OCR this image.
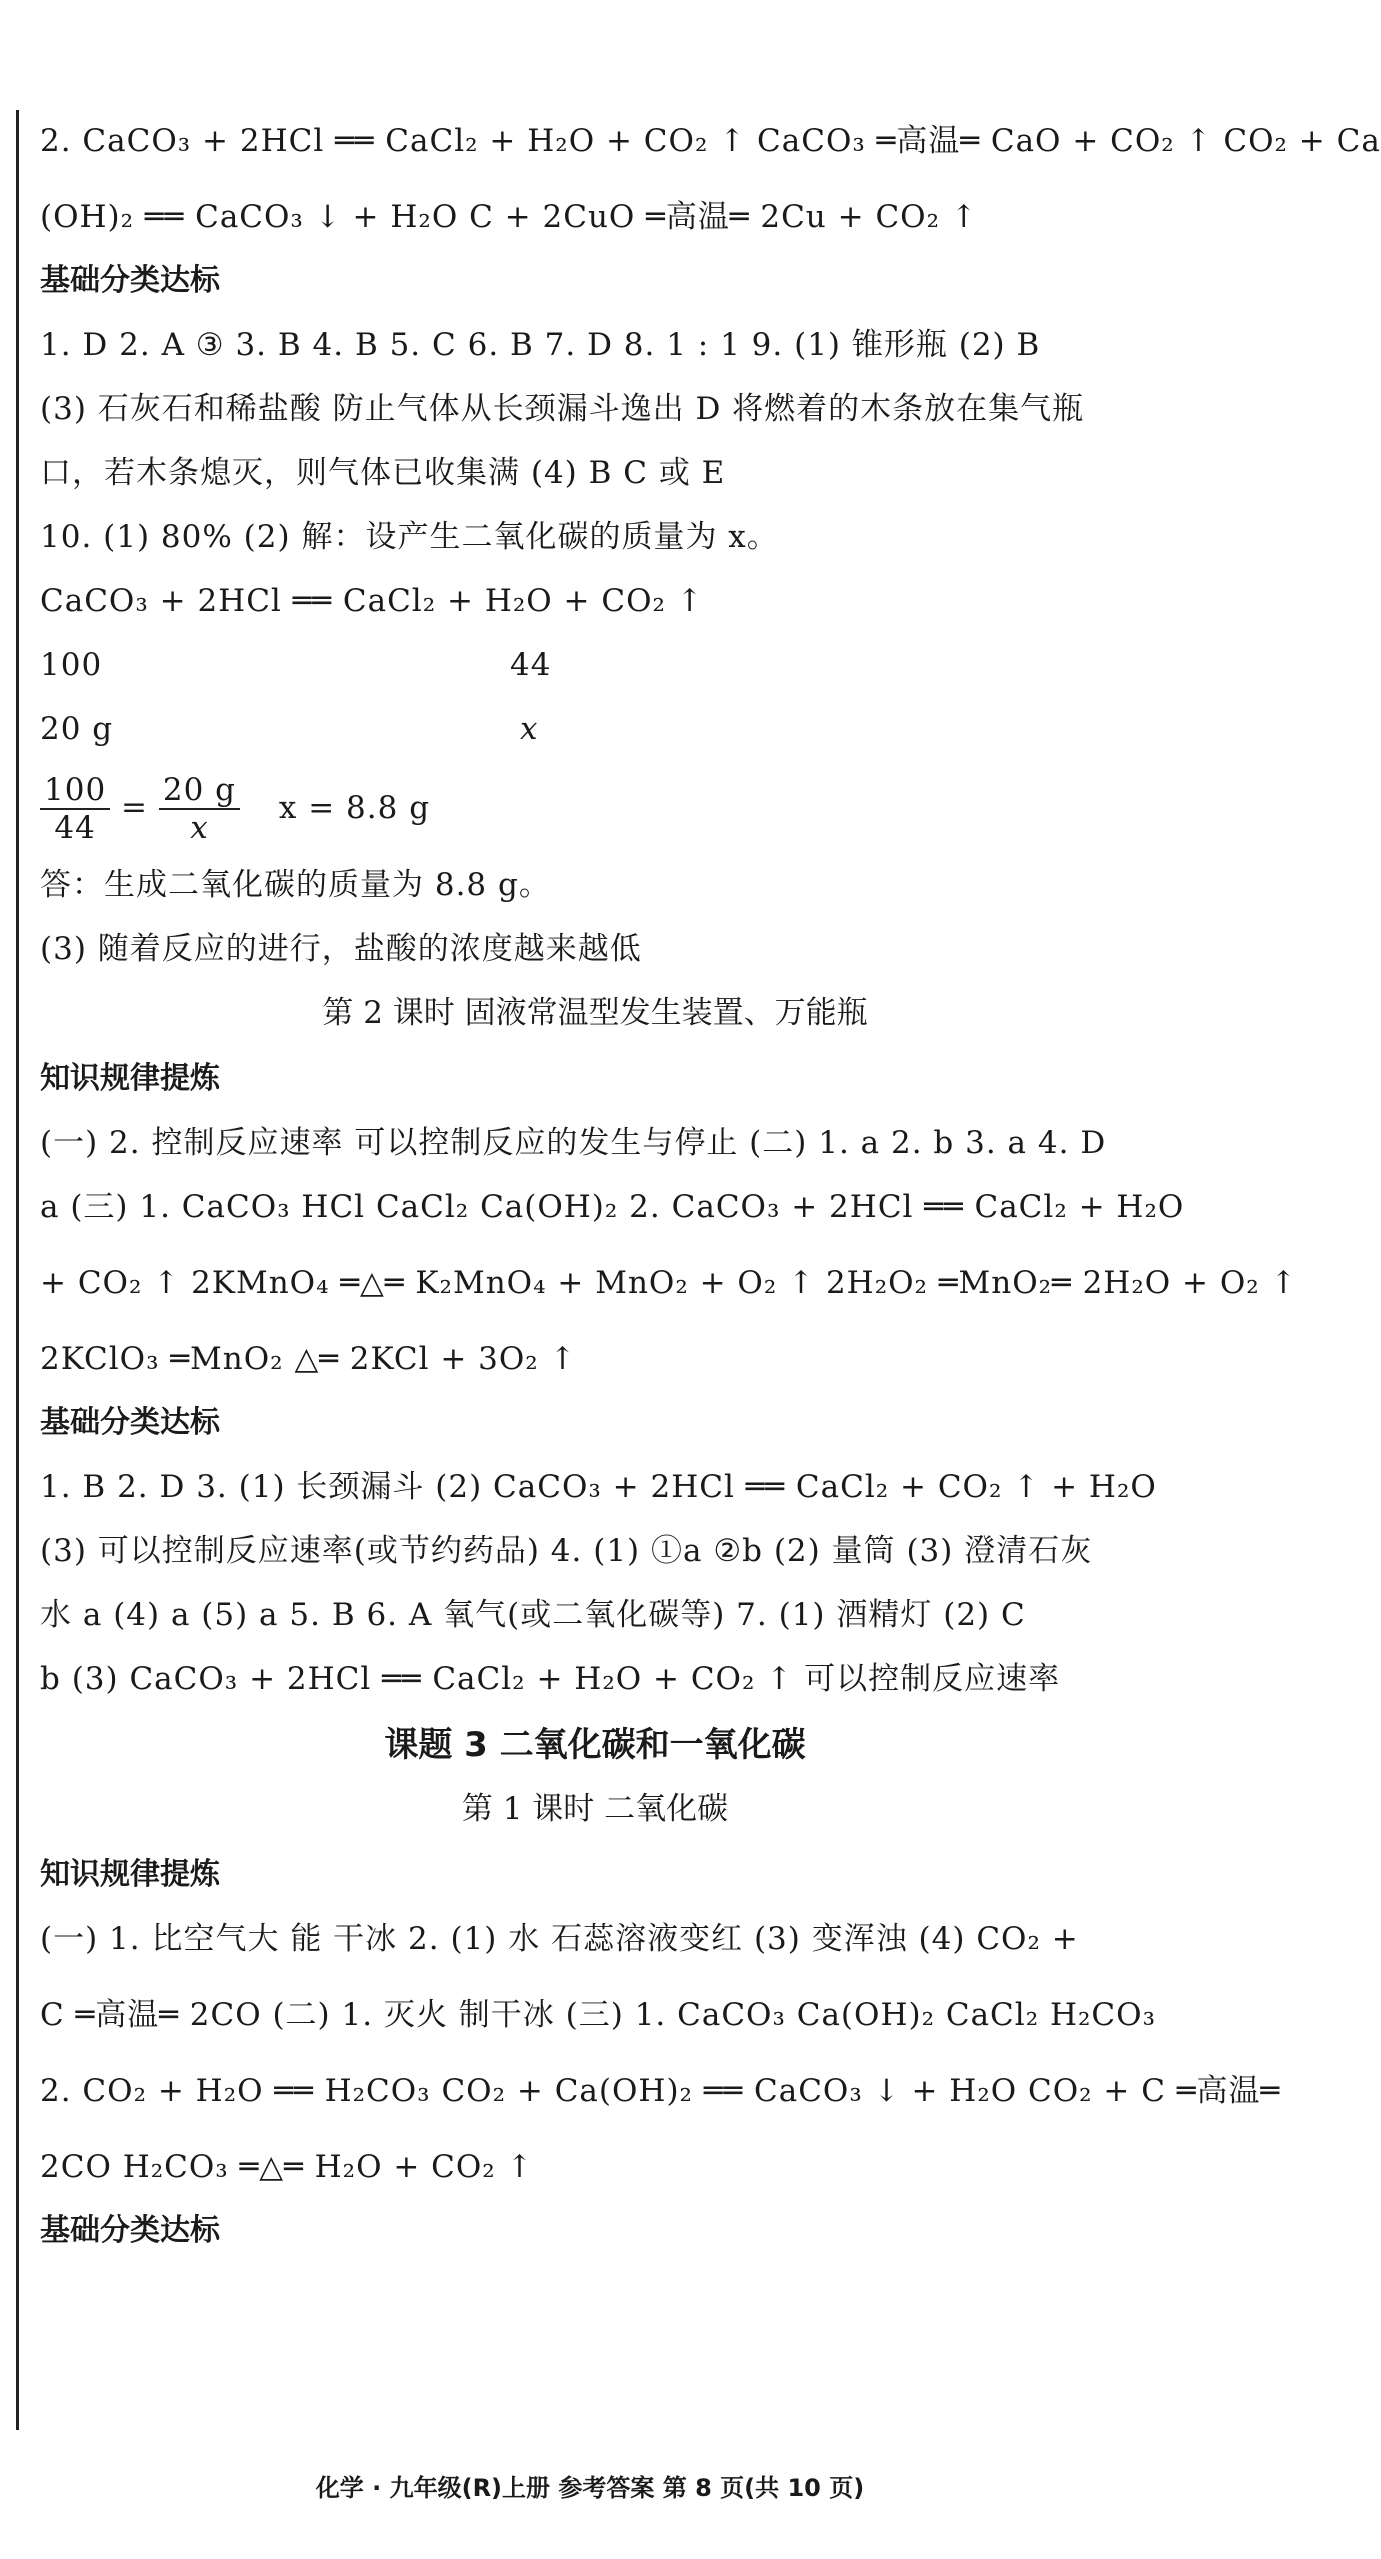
2. CaCO₃ + 2HCl ══ CaCl₂ + H₂O + CO₂ ↑ CaCO₃ ═高温═ CaO + CO₂ ↑ CO₂ + Ca
(OH)₂ ══ CaCO₃ ↓ + H₂O C + 2CuO ═高温═ 2Cu + CO₂ ↑
基础分类达标
1. D 2. A ③ 3. B 4. B 5. C 6. B 7. D 8. 1 : 1 9. (1) 锥形瓶 (2) B
(3) 石灰石和稀盐酸 防止气体从长颈漏斗逸出 D 将燃着的木条放在集气瓶
口，若木条熄灭，则气体已收集满 (4) B C 或 E
10. (1) 80% (2) 解：设产生二氧化碳的质量为 x。
CaCO₃ + 2HCl ══ CaCl₂ + H₂O + CO₂ ↑
100	44
20 g	x
$\frac{100}{44} = \frac{20 g}{x}$ x = 8.8 g
答：生成二氧化碳的质量为 8.8 g。
(3) 随着反应的进行，盐酸的浓度越来越低
第 2 课时 固液常温型发生装置、万能瓶
知识规律提炼
(一) 2. 控制反应速率 可以控制反应的发生与停止 (二) 1. a 2. b 3. a 4. D
a (三) 1. CaCO₃ HCl CaCl₂ Ca(OH)₂ 2. CaCO₃ + 2HCl ══ CaCl₂ + H₂O
+ CO₂ ↑ 2KMnO₄ ═△═ K₂MnO₄ + MnO₂ + O₂ ↑ 2H₂O₂ ═MnO₂═ 2H₂O + O₂ ↑
2KClO₃ ═MnO₂ △═ 2KCl + 3O₂ ↑
基础分类达标
1. B 2. D 3. (1) 长颈漏斗 (2) CaCO₃ + 2HCl ══ CaCl₂ + CO₂ ↑ + H₂O
(3) 可以控制反应速率(或节约药品) 4. (1) ①a ②b (2) 量筒 (3) 澄清石灰
水 a (4) a (5) a 5. B 6. A 氧气(或二氧化碳等) 7. (1) 酒精灯 (2) C
b (3) CaCO₃ + 2HCl ══ CaCl₂ + H₂O + CO₂ ↑ 可以控制反应速率
课题 3 二氧化碳和一氧化碳
第 1 课时 二氧化碳
知识规律提炼
(一) 1. 比空气大 能 干冰 2. (1) 水 石蕊溶液变红 (3) 变浑浊 (4) CO₂ +
C ═高温═ 2CO (二) 1. 灭火 制干冰 (三) 1. CaCO₃ Ca(OH)₂ CaCl₂ H₂CO₃
2. CO₂ + H₂O ══ H₂CO₃ CO₂ + Ca(OH)₂ ══ CaCO₃ ↓ + H₂O CO₂ + C ═高温═
2CO H₂CO₃ ═△═ H₂O + CO₂ ↑
基础分类达标
化学 · 九年级(R)上册 参考答案 第 8 页(共 10 页)
